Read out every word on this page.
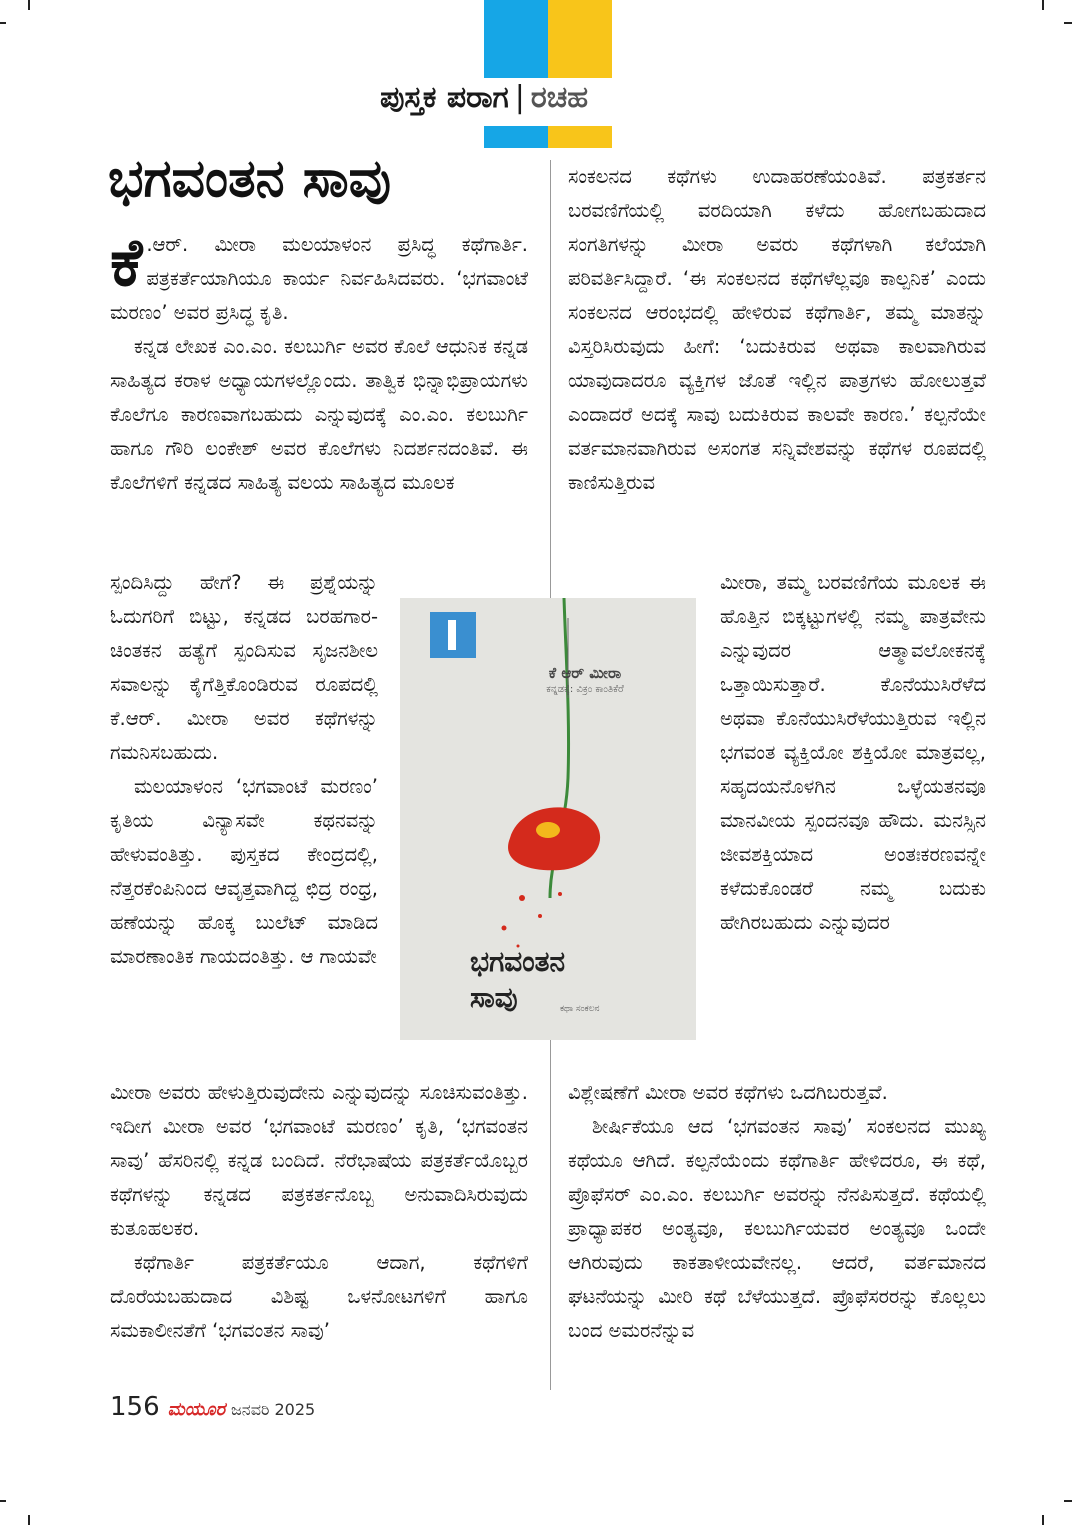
ಪುಸ್ತಕ ಪರಾಗ | ರಚಹ
ಭಗವಂತನ ಸಾವು

ಕೆ .ಆರ್. ಮೀರಾ ಮಲಯಾಳಂನ ಪ್ರಸಿದ್ಧ ಕಥೆಗಾರ್ತಿ. ಪತ್ರಕರ್ತೆಯಾಗಿಯೂ ಕಾರ್ಯ ನಿರ್ವಹಿಸಿದವರು. ‘ಭಗವಾಂಟೆ ಮರಣಂ’ ಅವರ ಪ್ರಸಿದ್ಧ ಕೃತಿ.

ಕನ್ನಡ ಲೇಖಕ ಎಂ.ಎಂ. ಕಲಬುರ್ಗಿ ಅವರ ಕೊಲೆ ಆಧುನಿಕ ಕನ್ನಡ ಸಾಹಿತ್ಯದ ಕರಾಳ ಅಧ್ಯಾಯಗಳಲ್ಲೊಂದು. ತಾತ್ವಿಕ ಭಿನ್ನಾಭಿಪ್ರಾಯಗಳು ಕೊಲೆಗೂ ಕಾರಣವಾಗಬಹುದು ಎನ್ನುವುದಕ್ಕೆ ಎಂ.ಎಂ. ಕಲಬುರ್ಗಿ ಹಾಗೂ ಗೌರಿ ಲಂಕೇಶ್ ಅವರ ಕೊಲೆಗಳು ನಿದರ್ಶನದಂತಿವೆ. ಈ ಕೊಲೆಗಳಿಗೆ ಕನ್ನಡದ ಸಾಹಿತ್ಯ ವಲಯ ಸಾಹಿತ್ಯದ ಮೂಲಕ

ಸ್ಪಂದಿಸಿದ್ದು ಹೇಗೆ? ಈ ಪ್ರಶ್ನೆಯನ್ನು ಓದುಗರಿಗೆ ಬಿಟ್ಟು, ಕನ್ನಡದ ಬರಹಗಾರ-ಚಿಂತಕನ ಹತ್ಯೆಗೆ ಸ್ಪಂದಿಸುವ ಸೃಜನಶೀಲ ಸವಾಲನ್ನು ಕೈಗೆತ್ತಿಕೊಂಡಿರುವ ರೂಪದಲ್ಲಿ ಕೆ.ಆರ್. ಮೀರಾ ಅವರ ಕಥೆಗಳನ್ನು ಗಮನಿಸಬಹುದು.

ಮಲಯಾಳಂನ ‘ಭಗವಾಂಟೆ ಮರಣಂ’ ಕೃತಿಯ ವಿನ್ಯಾಸವೇ ಕಥನವನ್ನು ಹೇಳುವಂತಿತ್ತು. ಪುಸ್ತಕದ ಕೇಂದ್ರದಲ್ಲಿ, ನೆತ್ತರಕೆಂಪಿನಿಂದ ಆವೃತ್ತವಾಗಿದ್ದ ಛಿದ್ರ ರಂಧ್ರ, ಹಣೆಯನ್ನು ಹೊಕ್ಕ ಬುಲೆಟ್ ಮಾಡಿದ ಮಾರಣಾಂತಿಕ ಗಾಯದಂತಿತ್ತು. ಆ ಗಾಯವೇ

ಮೀರಾ ಅವರು ಹೇಳುತ್ತಿರುವುದೇನು ಎನ್ನುವುದನ್ನು ಸೂಚಿಸುವಂತಿತ್ತು. ಇದೀಗ ಮೀರಾ ಅವರ ‘ಭಗವಾಂಟೆ ಮರಣಂ’ ಕೃತಿ, ‘ಭಗವಂತನ ಸಾವು’ ಹೆಸರಿನಲ್ಲಿ ಕನ್ನಡ ಬಂದಿದೆ. ನೆರೆಭಾಷೆಯ ಪತ್ರಕರ್ತೆಯೊಬ್ಬರ ಕಥೆಗಳನ್ನು ಕನ್ನಡದ ಪತ್ರಕರ್ತನೊಬ್ಬ ಅನುವಾದಿಸಿರುವುದು ಕುತೂಹಲಕರ.

ಕಥೆಗಾರ್ತಿ ಪತ್ರಕರ್ತೆಯೂ ಆದಾಗ, ಕಥೆಗಳಿಗೆ ದೊರೆಯಬಹುದಾದ ವಿಶಿಷ್ಟ ಒಳನೋಟಗಳಿಗೆ ಹಾಗೂ ಸಮಕಾಲೀನತೆಗೆ ‘ಭಗವಂತನ ಸಾವು’

ಸಂಕಲನದ ಕಥೆಗಳು ಉದಾಹರಣೆಯಂತಿವೆ. ಪತ್ರಕರ್ತನ ಬರವಣಿಗೆಯಲ್ಲಿ ವರದಿಯಾಗಿ ಕಳೆದು ಹೋಗಬಹುದಾದ ಸಂಗತಿಗಳನ್ನು ಮೀರಾ ಅವರು ಕಥೆಗಳಾಗಿ ಕಲೆಯಾಗಿ ಪರಿವರ್ತಿಸಿದ್ದಾರೆ. ‘ಈ ಸಂಕಲನದ ಕಥೆಗಳೆಲ್ಲವೂ ಕಾಲ್ಪನಿಕ’ ಎಂದು ಸಂಕಲನದ ಆರಂಭದಲ್ಲಿ ಹೇಳಿರುವ ಕಥೆಗಾರ್ತಿ, ತಮ್ಮ ಮಾತನ್ನು ವಿಸ್ತರಿಸಿರುವುದು ಹೀಗೆ: ‘ಬದುಕಿರುವ ಅಥವಾ ಕಾಲವಾಗಿರುವ ಯಾವುದಾದರೂ ವ್ಯಕ್ತಿಗಳ ಜೊತೆ ಇಲ್ಲಿನ ಪಾತ್ರಗಳು ಹೋಲುತ್ತವೆ ಎಂದಾದರೆ ಅದಕ್ಕೆ ಸಾವು ಬದುಕಿರುವ ಕಾಲವೇ ಕಾರಣ.’ ಕಲ್ಪನೆಯೇ ವರ್ತಮಾನವಾಗಿರುವ ಅಸಂಗತ ಸನ್ನಿವೇಶವನ್ನು ಕಥೆಗಳ ರೂಪದಲ್ಲಿ ಕಾಣಿಸುತ್ತಿರುವ

ಮೀರಾ, ತಮ್ಮ ಬರವಣಿಗೆಯ ಮೂಲಕ ಈ ಹೊತ್ತಿನ ಬಿಕ್ಕಟ್ಟುಗಳಲ್ಲಿ ನಮ್ಮ ಪಾತ್ರವೇನು ಎನ್ನುವುದರ ಆತ್ಮಾವಲೋಕನಕ್ಕೆ ಒತ್ತಾಯಿಸುತ್ತಾರೆ. ಕೊನೆಯುಸಿರೆಳೆದ ಅಥವಾ ಕೊನೆಯುಸಿರೆಳೆಯುತ್ತಿರುವ ಇಲ್ಲಿನ ಭಗವಂತ ವ್ಯಕ್ತಿಯೋ ಶಕ್ತಿಯೋ ಮಾತ್ರವಲ್ಲ, ಸಹೃದಯನೊಳಗಿನ ಒಳ್ಳೆಯತನವೂ ಮಾನವೀಯ ಸ್ಪಂದನವೂ ಹೌದು. ಮನಸ್ಸಿನ ಜೀವಶಕ್ತಿಯಾದ ಅಂತಃಕರಣವನ್ನೇ ಕಳೆದುಕೊಂಡರೆ ನಮ್ಮ ಬದುಕು ಹೇಗಿರಬಹುದು ಎನ್ನುವುದರ

ವಿಶ್ಲೇಷಣೆಗೆ ಮೀರಾ ಅವರ ಕಥೆಗಳು ಒದಗಿಬರುತ್ತವೆ.

ಶೀರ್ಷಿಕೆಯೂ ಆದ ‘ಭಗವಂತನ ಸಾವು’ ಸಂಕಲನದ ಮುಖ್ಯ ಕಥೆಯೂ ಆಗಿದೆ. ಕಲ್ಪನೆಯೆಂದು ಕಥೆಗಾರ್ತಿ ಹೇಳಿದರೂ, ಈ ಕಥೆ, ಪ್ರೊಫೆಸರ್ ಎಂ.ಎಂ. ಕಲಬುರ್ಗಿ ಅವರನ್ನು ನೆನಪಿಸುತ್ತದೆ. ಕಥೆಯಲ್ಲಿ ಪ್ರಾಧ್ಯಾಪಕರ ಅಂತ್ಯವೂ, ಕಲಬುರ್ಗಿಯವರ ಅಂತ್ಯವೂ ಒಂದೇ ಆಗಿರುವುದು ಕಾಕತಾಳೀಯವೇನಲ್ಲ. ಆದರೆ, ವರ್ತಮಾನದ ಘಟನೆಯನ್ನು ಮೀರಿ ಕಥೆ ಬೆಳೆಯುತ್ತದೆ. ಪ್ರೊಫೆಸರರನ್ನು ಕೊಲ್ಲಲು ಬಂದ ಅಮರನೆನ್ನುವ

ಕೆ ಆರ್ ಮೀರಾ
ಕನ್ನಡಕ್ಕೆ: ವಿಕ್ರಂ ಕಾಂತಿಕೆರೆ
ಭಗವಂತನ ಸಾವು	ಕಥಾ ಸಂಕಲನ
156 ಮಯೂರ ಜನವರಿ 2025
